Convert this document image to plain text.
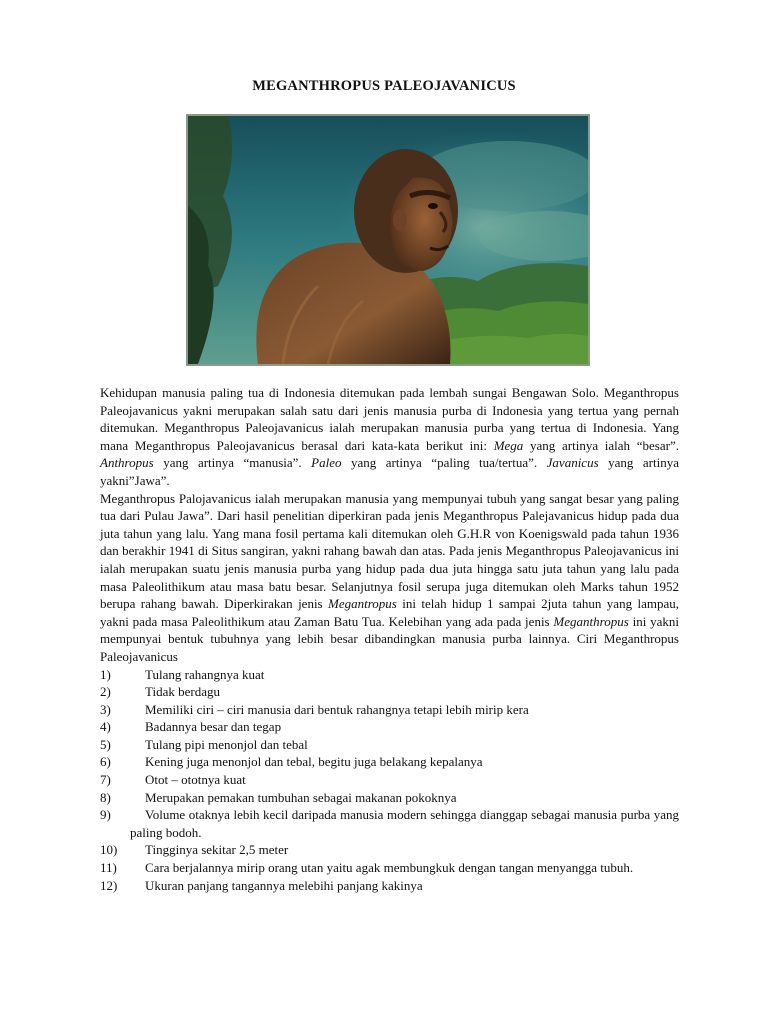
MEGANTHROPUS PALEOJAVANICUS

Kehidupan manusia paling tua di Indonesia ditemukan pada lembah sungai Bengawan Solo. Meganthropus Paleojavanicus yakni merupakan salah satu dari jenis manusia purba di Indonesia yang tertua yang pernah ditemukan. Meganthropus Paleojavanicus ialah merupakan manusia purba yang tertua di Indonesia. Yang mana Meganthropus Paleojavanicus berasal dari kata-kata berikut ini: Mega yang artinya ialah “besar”. Anthropus yang artinya “manusia”. Paleo yang artinya “paling tua/tertua”. Javanicus yang artinya yakni”Jawa”.

Meganthropus Palojavanicus ialah merupakan manusia yang mempunyai tubuh yang sangat besar yang paling tua dari Pulau Jawa”. Dari hasil penelitian diperkiran pada jenis Meganthropus Palejavanicus hidup pada dua juta tahun yang lalu. Yang mana fosil pertama kali ditemukan oleh G.H.R von Koenigswald pada tahun 1936 dan berakhir 1941 di Situs sangiran, yakni rahang bawah dan atas. Pada jenis Meganthropus Paleojavanicus ini ialah merupakan suatu jenis manusia purba yang hidup pada dua juta hingga satu juta tahun yang lalu pada masa Paleolithikum atau masa batu besar. Selanjutnya fosil serupa juga ditemukan oleh Marks tahun 1952 berupa rahang bawah. Diperkirakan jenis Megantropus ini telah hidup 1 sampai 2juta tahun yang lampau, yakni pada masa Paleolithikum atau Zaman Batu Tua. Kelebihan yang ada pada jenis Meganthropus ini yakni mempunyai bentuk tubuhnya yang lebih besar dibandingkan manusia purba lainnya. Ciri Meganthropus Paleojavanicus

1)	Tulang rahangnya kuat
2)	Tidak berdagu
3)	Memiliki ciri – ciri manusia dari bentuk rahangnya tetapi lebih mirip kera
4)	Badannya besar dan tegap
5)	Tulang pipi menonjol dan tebal
6)	Kening juga menonjol dan tebal, begitu juga belakang kepalanya
7)	Otot – ototnya kuat
8)	Merupakan pemakan tumbuhan sebagai makanan pokoknya
9)	Volume otaknya lebih kecil daripada manusia modern sehingga dianggap sebagai manusia purba yang paling bodoh.
10)	Tingginya sekitar 2,5 meter
11)	Cara berjalannya mirip orang utan yaitu agak membungkuk dengan tangan menyangga tubuh.
12)	Ukuran panjang tangannya melebihi panjang kakinya
